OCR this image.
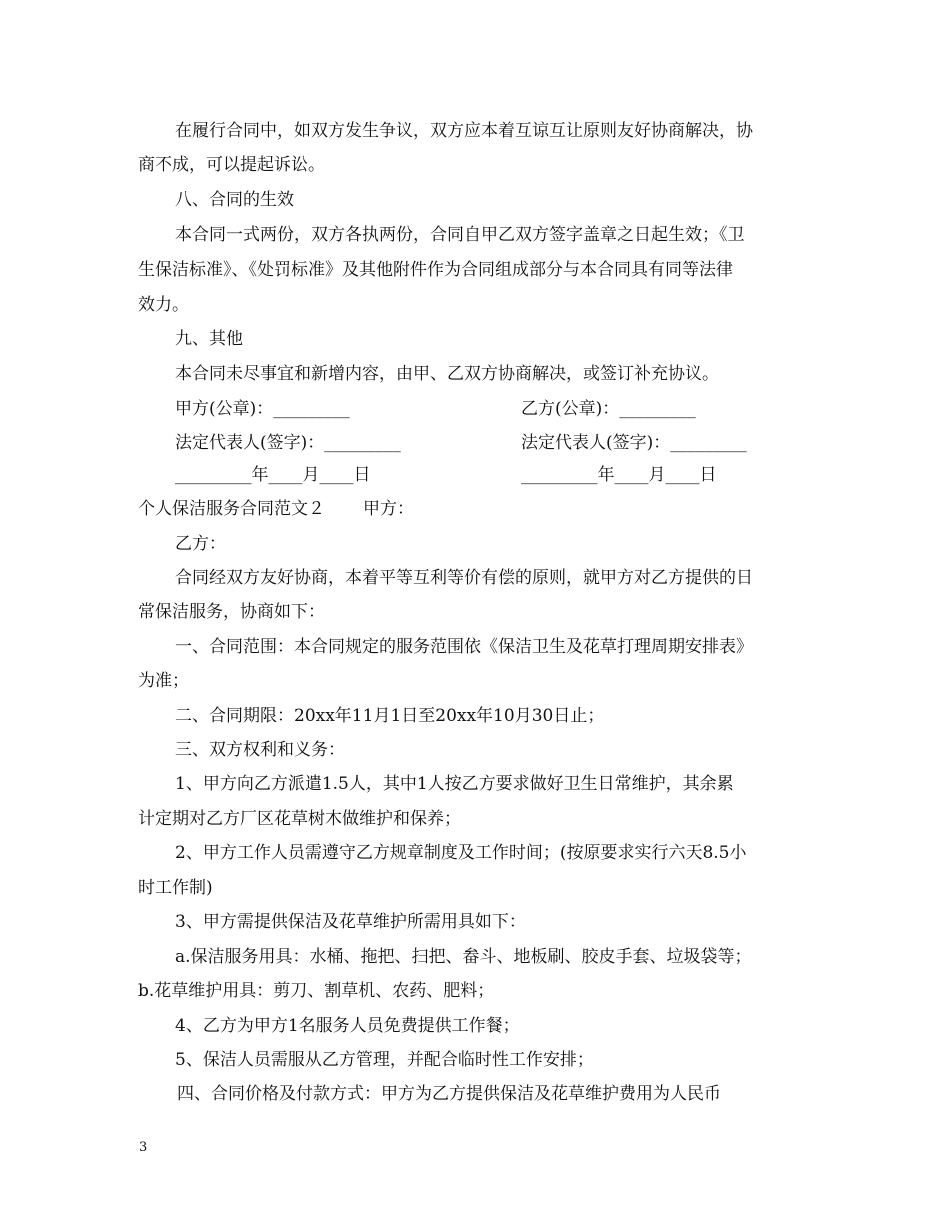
在履行合同中，如双方发生争议，双方应本着互谅互让原则友好协商解决，协
商不成，可以提起诉讼。
八、合同的生效
本合同一式两份，双方各执两份，合同自甲乙双方签字盖章之日起生效；《卫
生保洁标准》、《处罚标准》及其他附件作为合同组成部分与本合同具有同等法律
效力。
九、其他
本合同未尽事宜和新增内容，由甲、乙双方协商解决，或签订补充协议。
甲方(公章)：_________	乙方(公章)：_________
法定代表人(签字)：_________	法定代表人(签字)：_________
_________年____月____日	_________年____月____日
个人保洁服务合同范文２ 甲方：
乙方：
合同经双方友好协商，本着平等互利等价有偿的原则，就甲方对乙方提供的日
常保洁服务，协商如下：
一、合同范围：本合同规定的服务范围依《保洁卫生及花草打理周期安排表》
为准；
二、合同期限：20xx年11月1日至20xx年10月30日止；
三、双方权利和义务：
1、甲方向乙方派遣1.5人，其中1人按乙方要求做好卫生日常维护，其余累
计定期对乙方厂区花草树木做维护和保养；
2、甲方工作人员需遵守乙方规章制度及工作时间；(按原要求实行六天8.5小
时工作制)
3、甲方需提供保洁及花草维护所需用具如下：
a.保洁服务用具：水桶、拖把、扫把、畚斗、地板刷、胶皮手套、垃圾袋等；
b.花草维护用具：剪刀、割草机、农药、肥料；
4、乙方为甲方1名服务人员免费提供工作餐；
5、保洁人员需服从乙方管理，并配合临时性工作安排；
四、合同价格及付款方式：甲方为乙方提供保洁及花草维护费用为人民币
3
